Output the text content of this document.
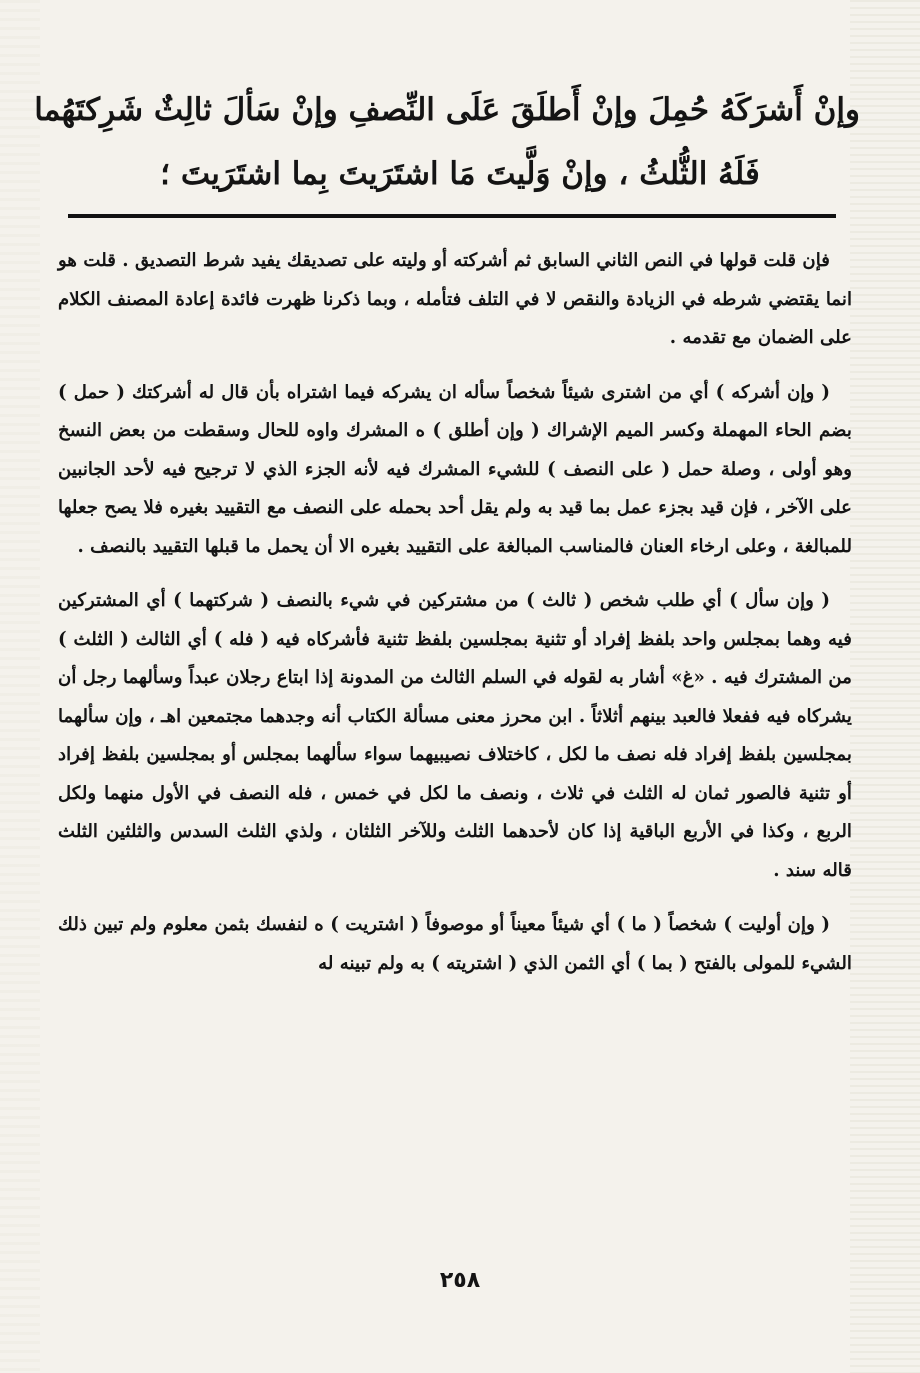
وإنْ أَشرَكَهُ حُمِلَ وإنْ أَطلَقَ عَلَى النِّصفِ وإنْ سَألَ ثالِثٌ شَرِكتَهُما
فَلَهُ الثُّلثُ ، وإنْ وَلَّيتَ مَا اشتَرَيتَ بِما اشتَرَيتَ ؛

فإن قلت قولها في النص الثاني السابق ثم أشركته أو وليته على تصديقك يفيد شرط التصديق . قلت هو انما يقتضي شرطه في الزيادة والنقص لا في التلف فتأمله ، وبما ذكرنا ظهرت فائدة إعادة المصنف الكلام على الضمان مع تقدمه .

( وإن أشركه ) أي من اشترى شيئاً شخصاً سأله ان يشركه فيما اشتراه بأن قال له أشركتك ( حمل ) بضم الحاء المهملة وكسر الميم الإشراك ( وإن أطلق ) ه المشرك واوه للحال وسقطت من بعض النسخ وهو أولى ، وصلة حمل ( على النصف ) للشيء المشرك فيه لأنه الجزء الذي لا ترجيح فيه لأحد الجانبين على الآخر ، فإن قيد بجزء عمل بما قيد به ولم يقل أحد بحمله على النصف مع التقييد بغيره فلا يصح جعلها للمبالغة ، وعلى ارخاء العنان فالمناسب المبالغة على التقييد بغيره الا أن يحمل ما قبلها التقييد بالنصف .

( وإن سأل ) أي طلب شخص ( ثالث ) من مشتركين في شيء بالنصف ( شركتهما ) أي المشتركين فيه وهما بمجلس واحد بلفظ إفراد أو تثنية بمجلسين بلفظ تثنية فأشركاه فيه ( فله ) أي الثالث ( الثلث ) من المشترك فيه . «غ» أشار به لقوله في السلم الثالث من المدونة إذا ابتاع رجلان عبداً وسألهما رجل أن يشركاه فيه ففعلا فالعبد بينهم أثلاثاً . ابن محرز معنى مسألة الكتاب أنه وجدهما مجتمعين اهـ ، وإن سألهما بمجلسين بلفظ إفراد فله نصف ما لكل ، كاختلاف نصيبيهما سواء سألهما بمجلس أو بمجلسين بلفظ إفراد أو تثنية فالصور ثمان له الثلث في ثلاث ، ونصف ما لكل في خمس ، فله النصف في الأول منهما ولكل الربع ، وكذا في الأربع الباقية إذا كان لأحدهما الثلث وللآخر الثلثان ، ولذي الثلث السدس والثلثين الثلث قاله سند .

( وإن أوليت ) شخصاً ( ما ) أي شيئاً معيناً أو موصوفاً ( اشتريت ) ه لنفسك بثمن معلوم ولم تبين ذلك الشيء للمولى بالفتح ( بما ) أي الثمن الذي ( اشتريته ) به ولم تبينه له

٢٥٨
